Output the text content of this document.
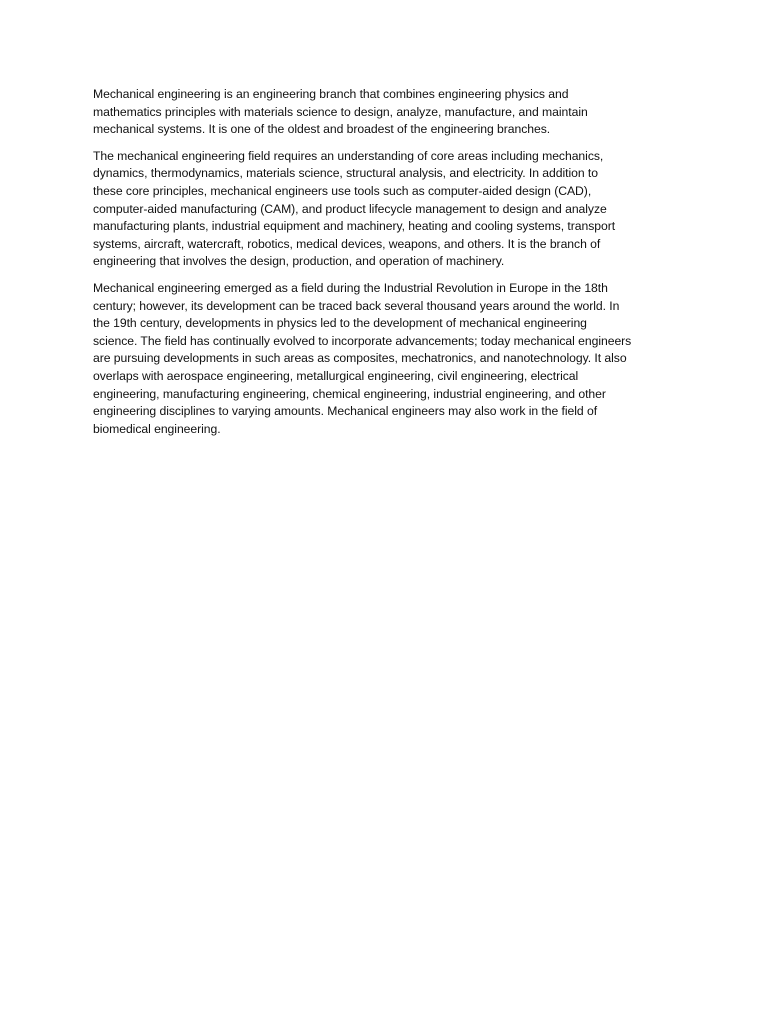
Mechanical engineering is an engineering branch that combines engineering physics and
mathematics principles with materials science to design, analyze, manufacture, and maintain
mechanical systems. It is one of the oldest and broadest of the engineering branches.

The mechanical engineering field requires an understanding of core areas including mechanics,
dynamics, thermodynamics, materials science, structural analysis, and electricity. In addition to
these core principles, mechanical engineers use tools such as computer-aided design (CAD),
computer-aided manufacturing (CAM), and product lifecycle management to design and analyze
manufacturing plants, industrial equipment and machinery, heating and cooling systems, transport
systems, aircraft, watercraft, robotics, medical devices, weapons, and others. It is the branch of
engineering that involves the design, production, and operation of machinery.

Mechanical engineering emerged as a field during the Industrial Revolution in Europe in the 18th
century; however, its development can be traced back several thousand years around the world. In
the 19th century, developments in physics led to the development of mechanical engineering
science. The field has continually evolved to incorporate advancements; today mechanical engineers
are pursuing developments in such areas as composites, mechatronics, and nanotechnology. It also
overlaps with aerospace engineering, metallurgical engineering, civil engineering, electrical
engineering, manufacturing engineering, chemical engineering, industrial engineering, and other
engineering disciplines to varying amounts. Mechanical engineers may also work in the field of
biomedical engineering.
